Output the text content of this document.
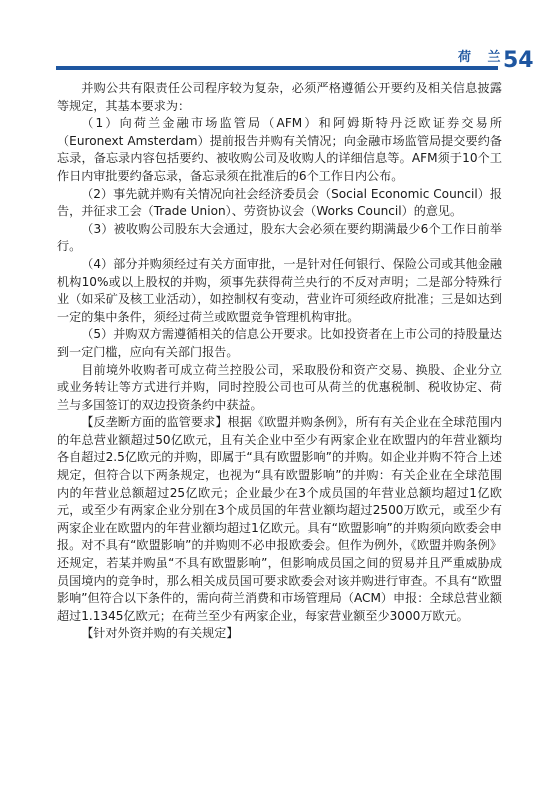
荷 兰
54

并购公共有限责任公司程序较为复杂，必须严格遵循公开要约及相关信息披露等规定，其基本要求为：

（1）向荷兰金融市场监管局（AFM）和阿姆斯特丹泛欧证券交易所（Euronext Amsterdam）提前报告并购有关情况；向金融市场监管局提交要约备忘录，备忘录内容包括要约、被收购公司及收购人的详细信息等。AFM须于10个工作日内审批要约备忘录，备忘录须在批准后的6个工作日内公布。

（2）事先就并购有关情况向社会经济委员会（Social Economic Council）报告，并征求工会（Trade Union）、劳资协议会（Works Council）的意见。

（3）被收购公司股东大会通过，股东大会必须在要约期满最少6个工作日前举行。

（4）部分并购须经过有关方面审批，一是针对任何银行、保险公司或其他金融机构10%或以上股权的并购，须事先获得荷兰央行的不反对声明；二是部分特殊行业（如采矿及核工业活动），如控制权有变动，营业许可须经政府批准；三是如达到一定的集中条件，须经过荷兰或欧盟竞争管理机构审批。

（5）并购双方需遵循相关的信息公开要求。比如投资者在上市公司的持股量达到一定门槛，应向有关部门报告。

目前境外收购者可成立荷兰控股公司，采取股份和资产交易、换股、企业分立或业务转让等方式进行并购，同时控股公司也可从荷兰的优惠税制、税收协定、荷兰与多国签订的双边投资条约中获益。

【反垄断方面的监管要求】根据《欧盟并购条例》，所有有关企业在全球范围内的年总营业额超过50亿欧元，且有关企业中至少有两家企业在欧盟内的年营业额均各自超过2.5亿欧元的并购，即属于“具有欧盟影响”的并购。如企业并购不符合上述规定，但符合以下两条规定，也视为“具有欧盟影响”的并购：有关企业在全球范围内的年营业总额超过25亿欧元；企业最少在3个成员国的年营业总额均超过1亿欧元，或至少有两家企业分别在3个成员国的年营业额均超过2500万欧元，或至少有两家企业在欧盟内的年营业额均超过1亿欧元。具有“欧盟影响”的并购须向欧委会申报。对不具有“欧盟影响”的并购则不必申报欧委会。但作为例外，《欧盟并购条例》还规定，若某并购虽“不具有欧盟影响”，但影响成员国之间的贸易并且严重威胁成员国境内的竞争时，那么相关成员国可要求欧委会对该并购进行审查。不具有“欧盟影响”但符合以下条件的，需向荷兰消费和市场管理局（ACM）申报：全球总营业额超过1.1345亿欧元；在荷兰至少有两家企业，每家营业额至少3000万欧元。

【针对外资并购的有关规定】
